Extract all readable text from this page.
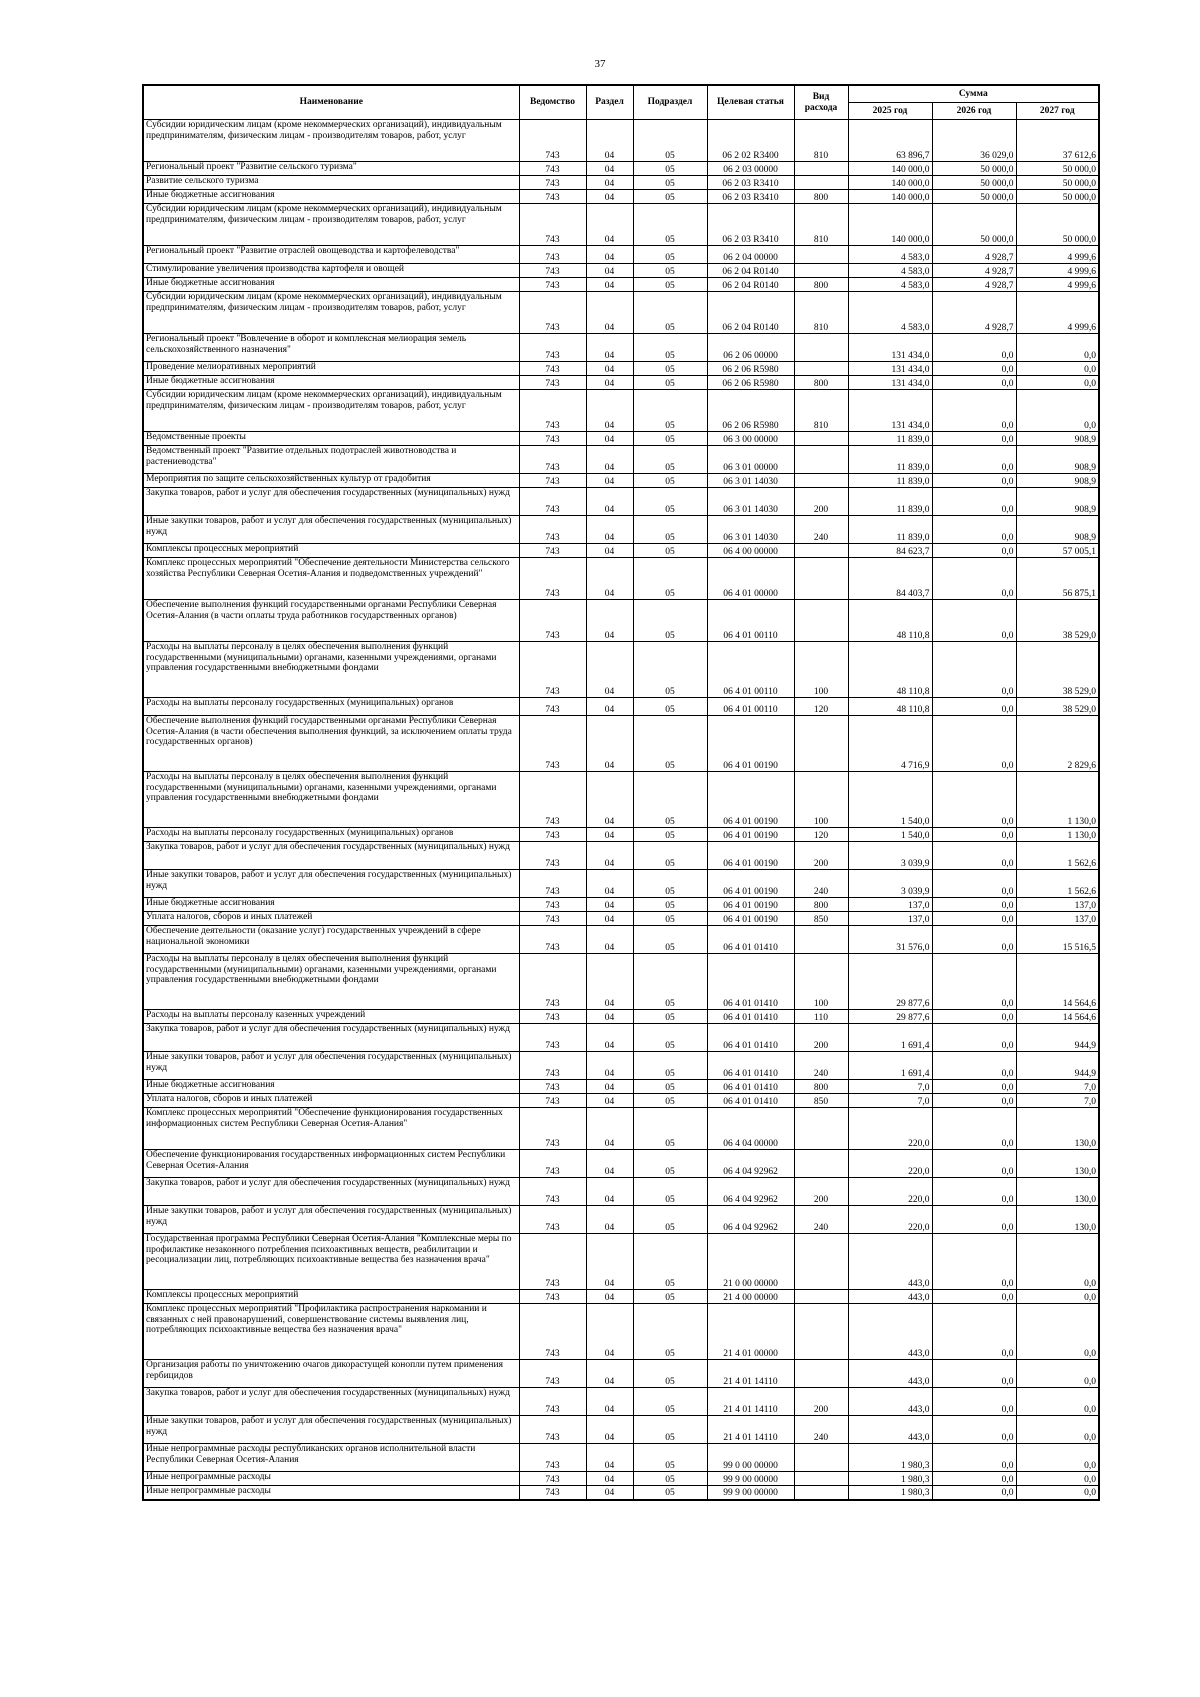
37
Наименование	Ведомство	Раздел	Подраздел	Целевая статья	Вид расхода	Сумма		
						2025 год	2026 год	2027 год
Субсидии юридическим лицам (кроме некоммерческих организаций), индивидуальным предпринимателям, физическим лицам - производителям товаров, работ, услуг	743	04	05	06 2 02 R3400	810	63 896,7	36 029,0	37 612,6
Региональный проект "Развитие сельского туризма"	743	04	05	06 2 03 00000		140 000,0	50 000,0	50 000,0
Развитие сельского туризма	743	04	05	06 2 03 R3410		140 000,0	50 000,0	50 000,0
Иные бюджетные ассигнования	743	04	05	06 2 03 R3410	800	140 000,0	50 000,0	50 000,0
Субсидии юридическим лицам (кроме некоммерческих организаций), индивидуальным предпринимателям, физическим лицам - производителям товаров, работ, услуг	743	04	05	06 2 03 R3410	810	140 000,0	50 000,0	50 000,0
Региональный проект "Развитие отраслей овощеводства и картофелеводства"	743	04	05	06 2 04 00000		4 583,0	4 928,7	4 999,6
Стимулирование увеличения производства картофеля и овощей	743	04	05	06 2 04 R0140		4 583,0	4 928,7	4 999,6
Иные бюджетные ассигнования	743	04	05	06 2 04 R0140	800	4 583,0	4 928,7	4 999,6
Субсидии юридическим лицам (кроме некоммерческих организаций), индивидуальным предпринимателям, физическим лицам - производителям товаров, работ, услуг	743	04	05	06 2 04 R0140	810	4 583,0	4 928,7	4 999,6
Региональный проект "Вовлечение в оборот и комплексная мелиорация земель сельскохозяйственного назначения"	743	04	05	06 2 06 00000		131 434,0	0,0	0,0
Проведение мелиоративных мероприятий	743	04	05	06 2 06 R5980		131 434,0	0,0	0,0
Иные бюджетные ассигнования	743	04	05	06 2 06 R5980	800	131 434,0	0,0	0,0
Субсидии юридическим лицам (кроме некоммерческих организаций), индивидуальным предпринимателям, физическим лицам - производителям товаров, работ, услуг	743	04	05	06 2 06 R5980	810	131 434,0	0,0	0,0
Ведомственные проекты	743	04	05	06 3 00 00000		11 839,0	0,0	908,9
Ведомственный проект "Развитие отдельных подотраслей животноводства и растениеводства"	743	04	05	06 3 01 00000		11 839,0	0,0	908,9
Мероприятия по защите сельскохозяйственных культур от градобития	743	04	05	06 3 01 14030		11 839,0	0,0	908,9
Закупка товаров, работ и услуг для обеспечения государственных (муниципальных) нужд	743	04	05	06 3 01 14030	200	11 839,0	0,0	908,9
Иные закупки товаров, работ и услуг для обеспечения государственных (муниципальных) нужд	743	04	05	06 3 01 14030	240	11 839,0	0,0	908,9
Комплексы процессных мероприятий	743	04	05	06 4 00 00000		84 623,7	0,0	57 005,1
Комплекс процессных мероприятий "Обеспечение деятельности Министерства сельского хозяйства Республики Северная Осетия-Алания и подведомственных учреждений"	743	04	05	06 4 01 00000		84 403,7	0,0	56 875,1
Обеспечение выполнения функций государственными органами Республики Северная Осетия-Алания (в части оплаты труда работников государственных органов)	743	04	05	06 4 01 00110		48 110,8	0,0	38 529,0
Расходы на выплаты персоналу в целях обеспечения выполнения функций государственными (муниципальными) органами, казенными учреждениями, органами управления государственными внебюджетными фондами	743	04	05	06 4 01 00110	100	48 110,8	0,0	38 529,0
Расходы на выплаты персоналу государственных (муниципальных) органов	743	04	05	06 4 01 00110	120	48 110,8	0,0	38 529,0
Обеспечение выполнения функций государственными органами Республики Северная Осетия-Алания (в части обеспечения выполнения функций, за исключением оплаты труда государственных органов)	743	04	05	06 4 01 00190		4 716,9	0,0	2 829,6
Расходы на выплаты персоналу в целях обеспечения выполнения функций государственными (муниципальными) органами, казенными учреждениями, органами управления государственными внебюджетными фондами	743	04	05	06 4 01 00190	100	1 540,0	0,0	1 130,0
Расходы на выплаты персоналу государственных (муниципальных) органов	743	04	05	06 4 01 00190	120	1 540,0	0,0	1 130,0
Закупка товаров, работ и услуг для обеспечения государственных (муниципальных) нужд	743	04	05	06 4 01 00190	200	3 039,9	0,0	1 562,6
Иные закупки товаров, работ и услуг для обеспечения государственных (муниципальных) нужд	743	04	05	06 4 01 00190	240	3 039,9	0,0	1 562,6
Иные бюджетные ассигнования	743	04	05	06 4 01 00190	800	137,0	0,0	137,0
Уплата налогов, сборов и иных платежей	743	04	05	06 4 01 00190	850	137,0	0,0	137,0
Обеспечение деятельности (оказание услуг) государственных учреждений в сфере национальной экономики	743	04	05	06 4 01 01410		31 576,0	0,0	15 516,5
Расходы на выплаты персоналу в целях обеспечения выполнения функций государственными (муниципальными) органами, казенными учреждениями, органами управления государственными внебюджетными фондами	743	04	05	06 4 01 01410	100	29 877,6	0,0	14 564,6
Расходы на выплаты персоналу казенных учреждений	743	04	05	06 4 01 01410	110	29 877,6	0,0	14 564,6
Закупка товаров, работ и услуг для обеспечения государственных (муниципальных) нужд	743	04	05	06 4 01 01410	200	1 691,4	0,0	944,9
Иные закупки товаров, работ и услуг для обеспечения государственных (муниципальных) нужд	743	04	05	06 4 01 01410	240	1 691,4	0,0	944,9
Иные бюджетные ассигнования	743	04	05	06 4 01 01410	800	7,0	0,0	7,0
Уплата налогов, сборов и иных платежей	743	04	05	06 4 01 01410	850	7,0	0,0	7,0
Комплекс процессных мероприятий "Обеспечение функционирования государственных информационных систем Республики Северная Осетия-Алания"	743	04	05	06 4 04 00000		220,0	0,0	130,0
Обеспечение функционирования государственных информационных систем Республики Северная Осетия-Алания	743	04	05	06 4 04 92962		220,0	0,0	130,0
Закупка товаров, работ и услуг для обеспечения государственных (муниципальных) нужд	743	04	05	06 4 04 92962	200	220,0	0,0	130,0
Иные закупки товаров, работ и услуг для обеспечения государственных (муниципальных) нужд	743	04	05	06 4 04 92962	240	220,0	0,0	130,0
Государственная программа Республики Северная Осетия-Алания "Комплексные меры по профилактике незаконного потребления психоактивных веществ, реабилитации и ресоциализации лиц, потребляющих психоактивные вещества без назначения врача"	743	04	05	21 0 00 00000		443,0	0,0	0,0
Комплексы процессных мероприятий	743	04	05	21 4 00 00000		443,0	0,0	0,0
Комплекс процессных мероприятий "Профилактика распространения наркомании и связанных с ней правонарушений, совершенствование системы выявления лиц, потребляющих психоактивные вещества без назначения врача"	743	04	05	21 4 01 00000		443,0	0,0	0,0
Организация работы по уничтожению очагов дикорастущей конопли путем применения гербицидов	743	04	05	21 4 01 14110		443,0	0,0	0,0
Закупка товаров, работ и услуг для обеспечения государственных (муниципальных) нужд	743	04	05	21 4 01 14110	200	443,0	0,0	0,0
Иные закупки товаров, работ и услуг для обеспечения государственных (муниципальных) нужд	743	04	05	21 4 01 14110	240	443,0	0,0	0,0
Иные непрограммные расходы республиканских органов исполнительной власти Республики Северная Осетия-Алания	743	04	05	99 0 00 00000		1 980,3	0,0	0,0
Иные непрограммные расходы	743	04	05	99 9 00 00000		1 980,3	0,0	0,0
Иные непрограммные расходы	743	04	05	99 9 00 00000		1 980,3	0,0	0,0
